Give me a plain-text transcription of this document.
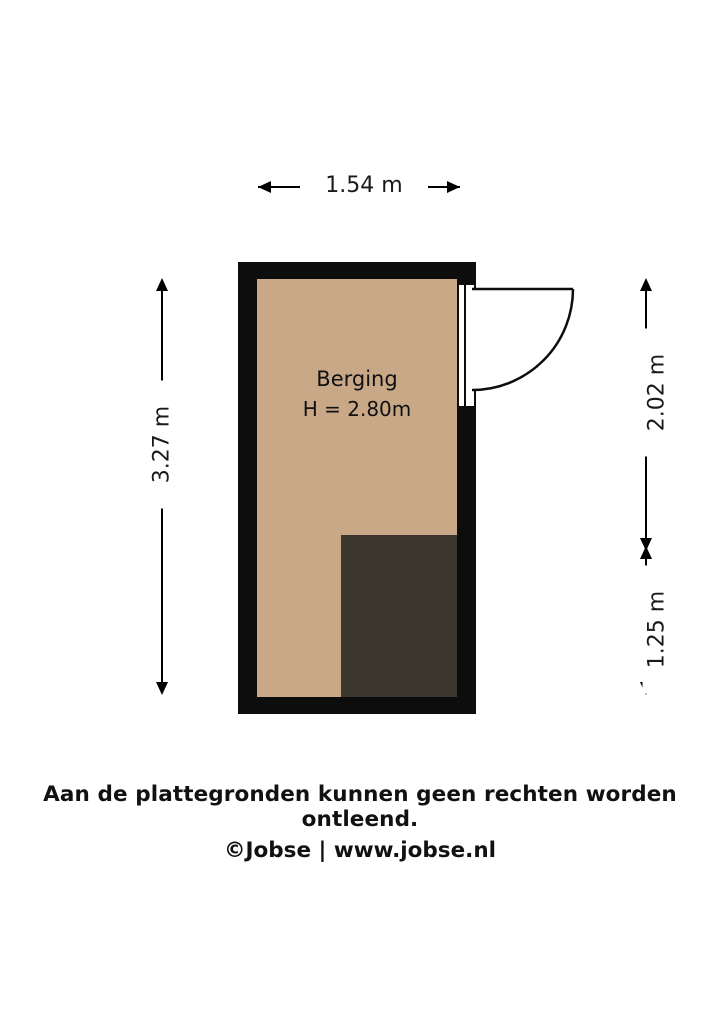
1.54 m
3.27 m
2.02 m
1.25 m
Berging
H = 2.80m
Aan de plattegronden kunnen geen rechten worden ontleend.
©Jobse | www.jobse.nl
